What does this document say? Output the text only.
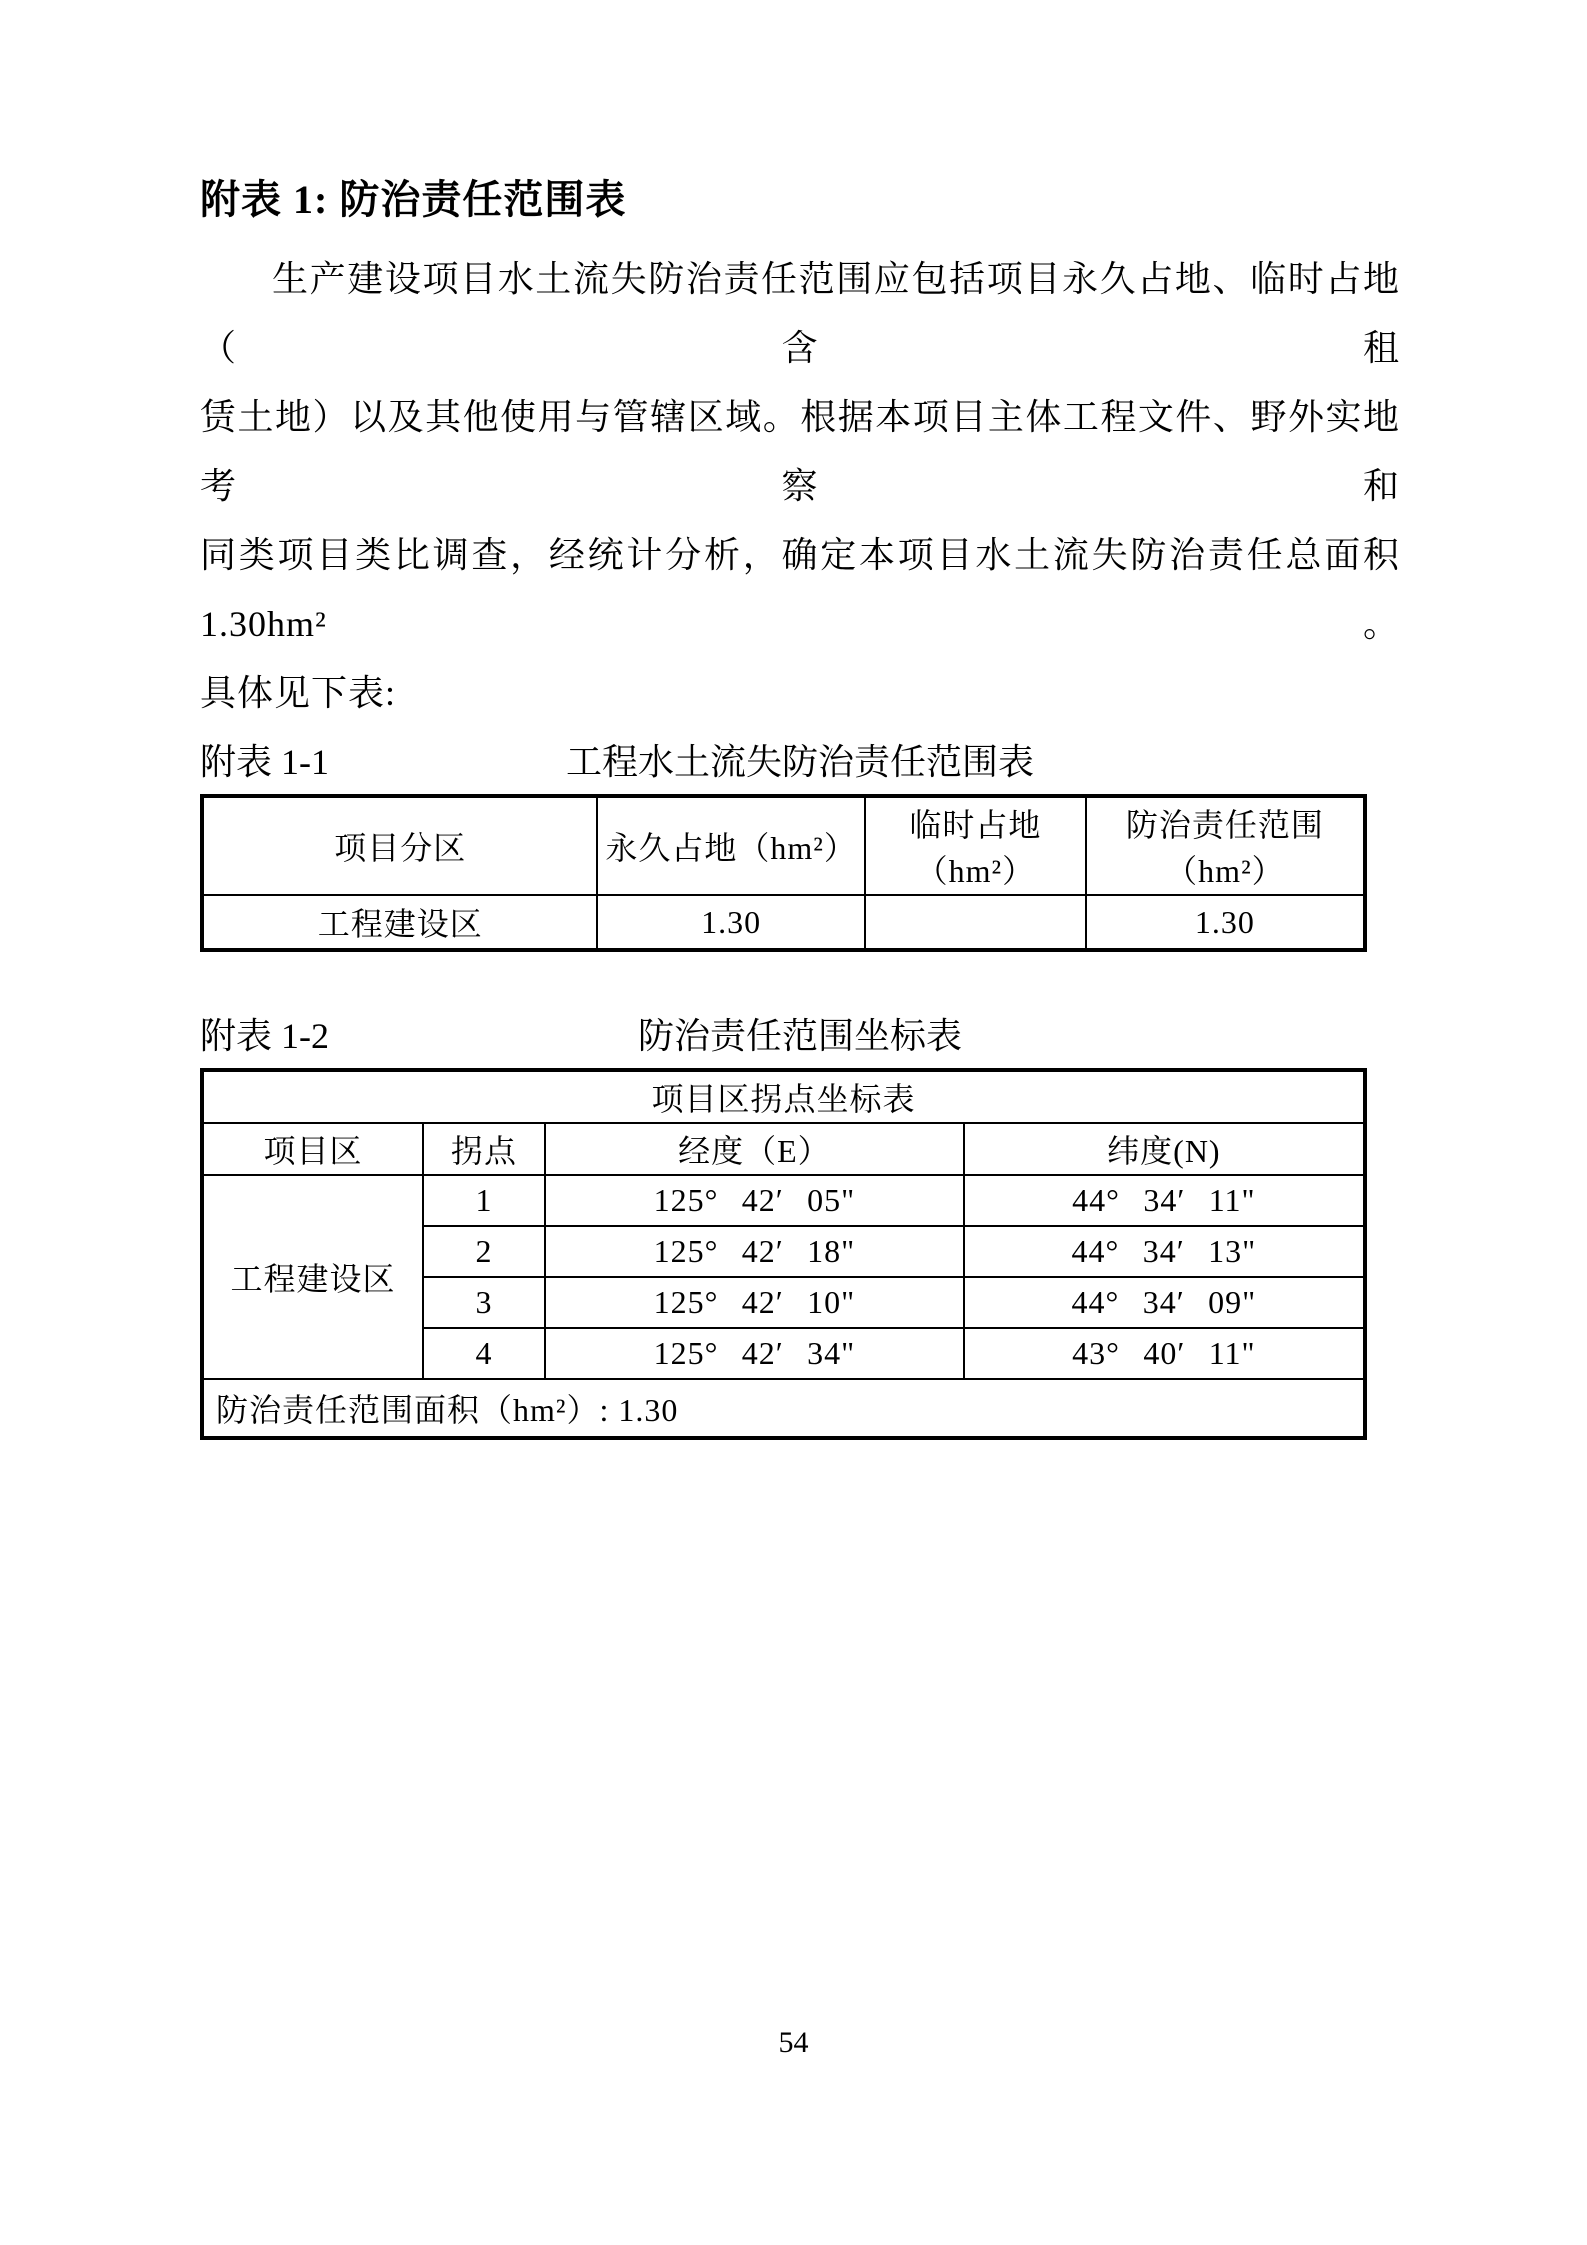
附表 1: 防治责任范围表
生产建设项目水土流失防治责任范围应包括项目永久占地、临时占地（含租
赁土地）以及其他使用与管辖区域。根据本项目主体工程文件、野外实地考察和
同类项目类比调查，经统计分析，确定本项目水土流失防治责任总面积 1.30hm²。
具体见下表:
附表 1-1	工程水土流失防治责任范围表
项目分区	永久占地（hm²）	临时占地（hm²）	防治责任范围（hm²）
工程建设区	1.30		1.30
附表 1-2	防治责任范围坐标表
项目区拐点坐标表			
项目区	拐点	经度（E）	纬度(N)
工程建设区	1	125° 42′ 05"	44° 34′ 11"
	2	125° 42′ 18"	44° 34′ 13"
	3	125° 42′ 10"	44° 34′ 09"
	4	125° 42′ 34"	43° 40′ 11"
防治责任范围面积（hm²）: 1.30			
54
